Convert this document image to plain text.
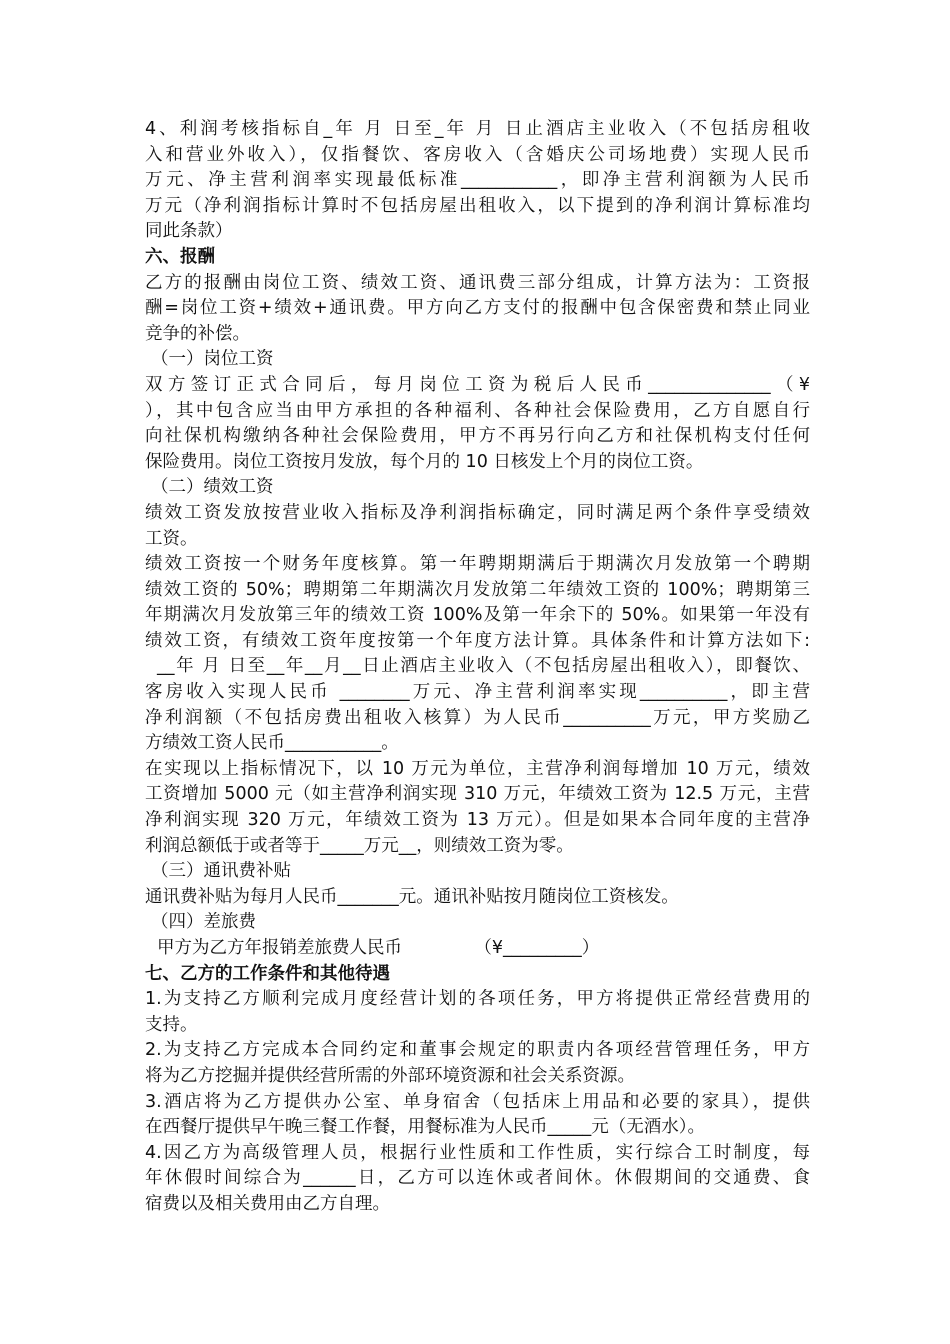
4、利润考核指标自_年 月 日至_年 月 日止酒店主业收入（不包括房租收
入和营业外收入），仅指餐饮、客房收入（含婚庆公司场地费）实现人民币
万元、净主营利润率实现最低标准___________，即净主营利润额为人民币
万元（净利润指标计算时不包括房屋出租收入，以下提到的净利润计算标准均
同此条款）
六、报酬
乙方的报酬由岗位工资、绩效工资、通讯费三部分组成，计算方法为：工资报
酬=岗位工资+绩效+通讯费。甲方向乙方支付的报酬中包含保密费和禁止同业
竞争的补偿。
（一）岗位工资
双方签订正式合同后，每月岗位工资为税后人民币______________（¥
），其中包含应当由甲方承担的各种福利、各种社会保险费用，乙方自愿自行
向社保机构缴纳各种社会保险费用，甲方不再另行向乙方和社保机构支付任何
保险费用。岗位工资按月发放，每个月的 10 日核发上个月的岗位工资。
（二）绩效工资
绩效工资发放按营业收入指标及净利润指标确定，同时满足两个条件享受绩效
工资。
绩效工资按一个财务年度核算。第一年聘期期满后于期满次月发放第一个聘期
绩效工资的 50%；聘期第二年期满次月发放第二年绩效工资的 100%；聘期第三
年期满次月发放第三年的绩效工资 100%及第一年余下的 50%。如果第一年没有
绩效工资，有绩效工资年度按第一个年度方法计算。具体条件和计算方法如下:
__年 月 日至__年__月__日止酒店主业收入（不包括房屋出租收入），即餐饮、
客房收入实现人民币 ________万元、净主营利润率实现__________，即主营
净利润额（不包括房费出租收入核算）为人民币__________万元，甲方奖励乙
方绩效工资人民币___________。
在实现以上指标情况下，以 10 万元为单位，主营净利润每增加 10 万元，绩效
工资增加 5000 元（如主营净利润实现 310 万元，年绩效工资为 12.5 万元，主营
净利润实现 320 万元，年绩效工资为 13 万元）。但是如果本合同年度的主营净
利润总额低于或者等于_____万元__，则绩效工资为零。
（三）通讯费补贴
通讯费补贴为每月人民币_______元。通讯补贴按月随岗位工资核发。
（四）差旅费
甲方为乙方年报销差旅费人民币             （¥_________）
七、乙方的工作条件和其他待遇
1.为支持乙方顺利完成月度经营计划的各项任务，甲方将提供正常经营费用的
支持。
2.为支持乙方完成本合同约定和董事会规定的职责内各项经营管理任务，甲方
将为乙方挖掘并提供经营所需的外部环境资源和社会关系资源。
3.酒店将为乙方提供办公室、单身宿舍（包括床上用品和必要的家具），提供
在西餐厅提供早午晚三餐工作餐，用餐标准为人民币_____元（无酒水）。
4.因乙方为高级管理人员，根据行业性质和工作性质，实行综合工时制度，每
年休假时间综合为______日，乙方可以连休或者间休。休假期间的交通费、食
宿费以及相关费用由乙方自理。
